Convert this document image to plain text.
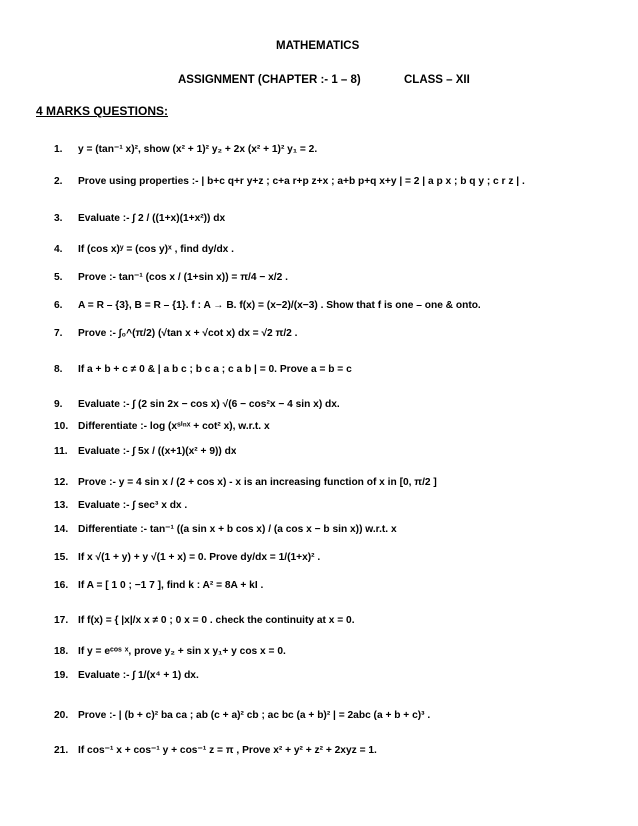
MATHEMATICS
ASSIGNMENT (CHAPTER :- 1 – 8)	CLASS – XII
4 MARKS QUESTIONS:
1. y = (tan⁻¹ x)², show (x² + 1)² y₂ + 2x (x² + 1)² y₁ = 2.
2. Prove using properties :- | b+c q+r y+z ; c+a r+p z+x ; a+b p+q x+y | = 2 | a p x ; b q y ; c r z | .
3. Evaluate :- ∫ 2 / ((1+x)(1+x²)) dx
4. If (cos x)ʸ = (cos y)ˣ , find dy/dx .
5. Prove :- tan⁻¹ (cos x / (1+sin x)) = π/4 − x/2 .
6. A = R – {3}, B = R – {1}. f : A → B. f(x) = (x−2)/(x−3) . Show that f is one – one & onto.
7. Prove :- ∫₀^(π/2) (√tan x + √cot x) dx = √2 π/2 .
8. If a + b + c ≠ 0 & | a b c ; b c a ; c a b | = 0. Prove a = b = c
9. Evaluate :- ∫ (2 sin 2x − cos x) √(6 − cos²x − 4 sin x) dx.
10. Differentiate :- log (xˢⁱⁿˣ + cot² x), w.r.t. x
11. Evaluate :- ∫ 5x / ((x+1)(x² + 9)) dx
12. Prove :- y = 4 sin x / (2 + cos x) - x is an increasing function of x in [0, π/2 ]
13. Evaluate :- ∫ sec³ x dx .
14. Differentiate :- tan⁻¹ ((a sin x + b cos x) / (a cos x − b sin x)) w.r.t. x
15. If x √(1 + y) + y √(1 + x) = 0. Prove dy/dx = 1/(1+x)² .
16. If A = [ 1 0 ; −1 7 ], find k : A² = 8A + kI .
17. If f(x) = { |x|/x x ≠ 0 ; 0 x = 0 . check the continuity at x = 0.
18. If y = eᶜᵒˢ ˣ, prove y₂ + sin x y₁+ y cos x = 0.
19. Evaluate :- ∫ 1/(x⁴ + 1) dx.
20. Prove :- | (b + c)² ba ca ; ab (c + a)² cb ; ac bc (a + b)² | = 2abc (a + b + c)³ .
21. If cos⁻¹ x + cos⁻¹ y + cos⁻¹ z = π , Prove x² + y² + z² + 2xyz = 1.
